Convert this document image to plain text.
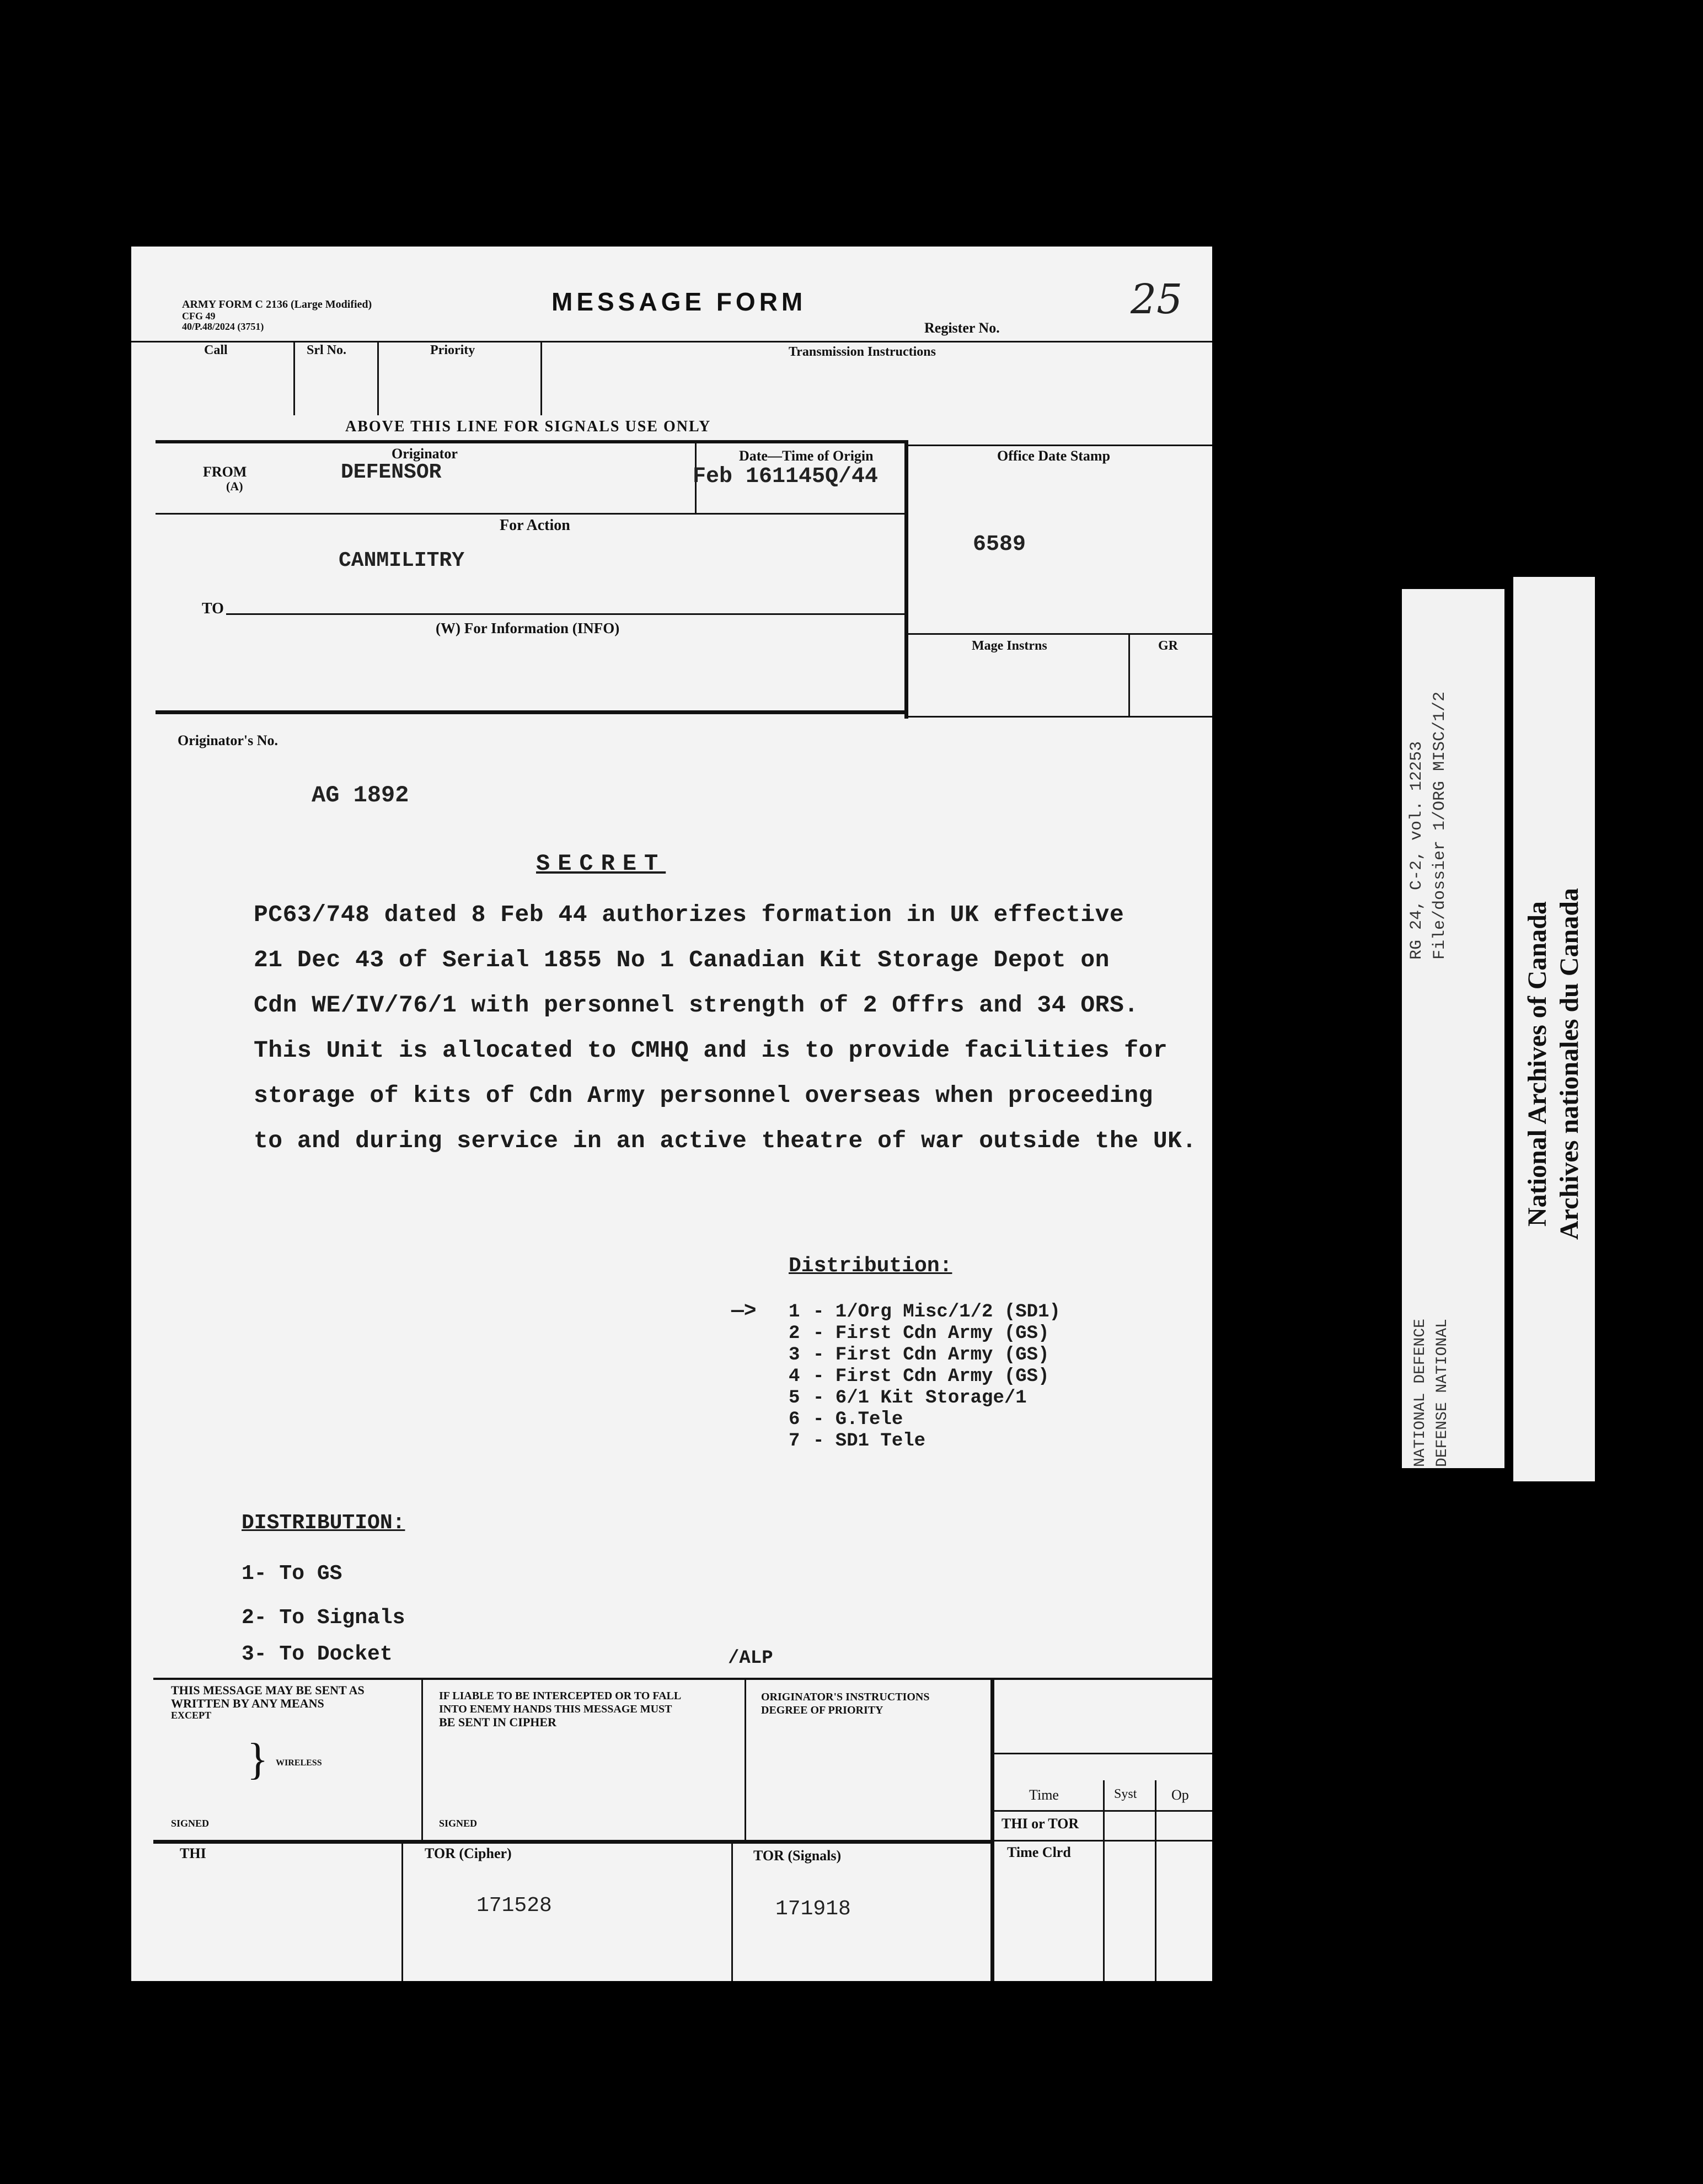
ARMY FORM C 2136 (Large Modified)
CFG 49
40/P.48/2024 (3751)
MESSAGE FORM	25
Register No.
Call	Srl No.	Priority	Transmission Instructions
ABOVE THIS LINE FOR SIGNALS USE ONLY
Originator
FROM
(A)
DEFENSOR
Date—Time of Origin
Feb 161145Q/44
Office Date Stamp
6589
For Action
CANMILITRY
TO
(W) For Information (INFO)
Mage Instrns	GR
Originator's No.
AG 1892
SECRET
PC63/748 dated 8 Feb 44 authorizes formation in UK effective
21 Dec 43 of Serial 1855 No 1 Canadian Kit Storage Depot on
Cdn WE/IV/76/1 with personnel strength of 2 Offrs and 34 ORS.
This Unit is allocated to CMHQ and is to provide facilities for
storage of kits of Cdn Army personnel overseas when proceeding
to and during service in an active theatre of war outside the UK.
Distribution:
—> 1 - 1/Org Misc/1/2 (SD1)
2 - First Cdn Army (GS)
3 - First Cdn Army (GS)
4 - First Cdn Army (GS)
5 - 6/1 Kit Storage/1
6 - G.Tele
7 - SD1 Tele
DISTRIBUTION:
1- To GS
2- To Signals
3- To Docket	/ALP
THIS MESSAGE MAY BE SENT AS
WRITTEN BY ANY MEANS
EXCEPT
} WIRELESS
SIGNED
IF LIABLE TO BE INTERCEPTED OR TO FALL
INTO ENEMY HANDS THIS MESSAGE MUST
BE SENT IN CIPHER
SIGNED
ORIGINATOR'S INSTRUCTIONS
DEGREE OF PRIORITY
Time	Syst Op
THI or TOR
Time Clrd
THI	TOR (Cipher)
171528
TOR (Signals)
171918
RG 24, C-2, vol. 12253 File/dossier 1/ORG MISC/1/2
NATIONAL DEFENCE DEFENSE NATIONAL
National Archives of Canada Archives nationales du Canada
